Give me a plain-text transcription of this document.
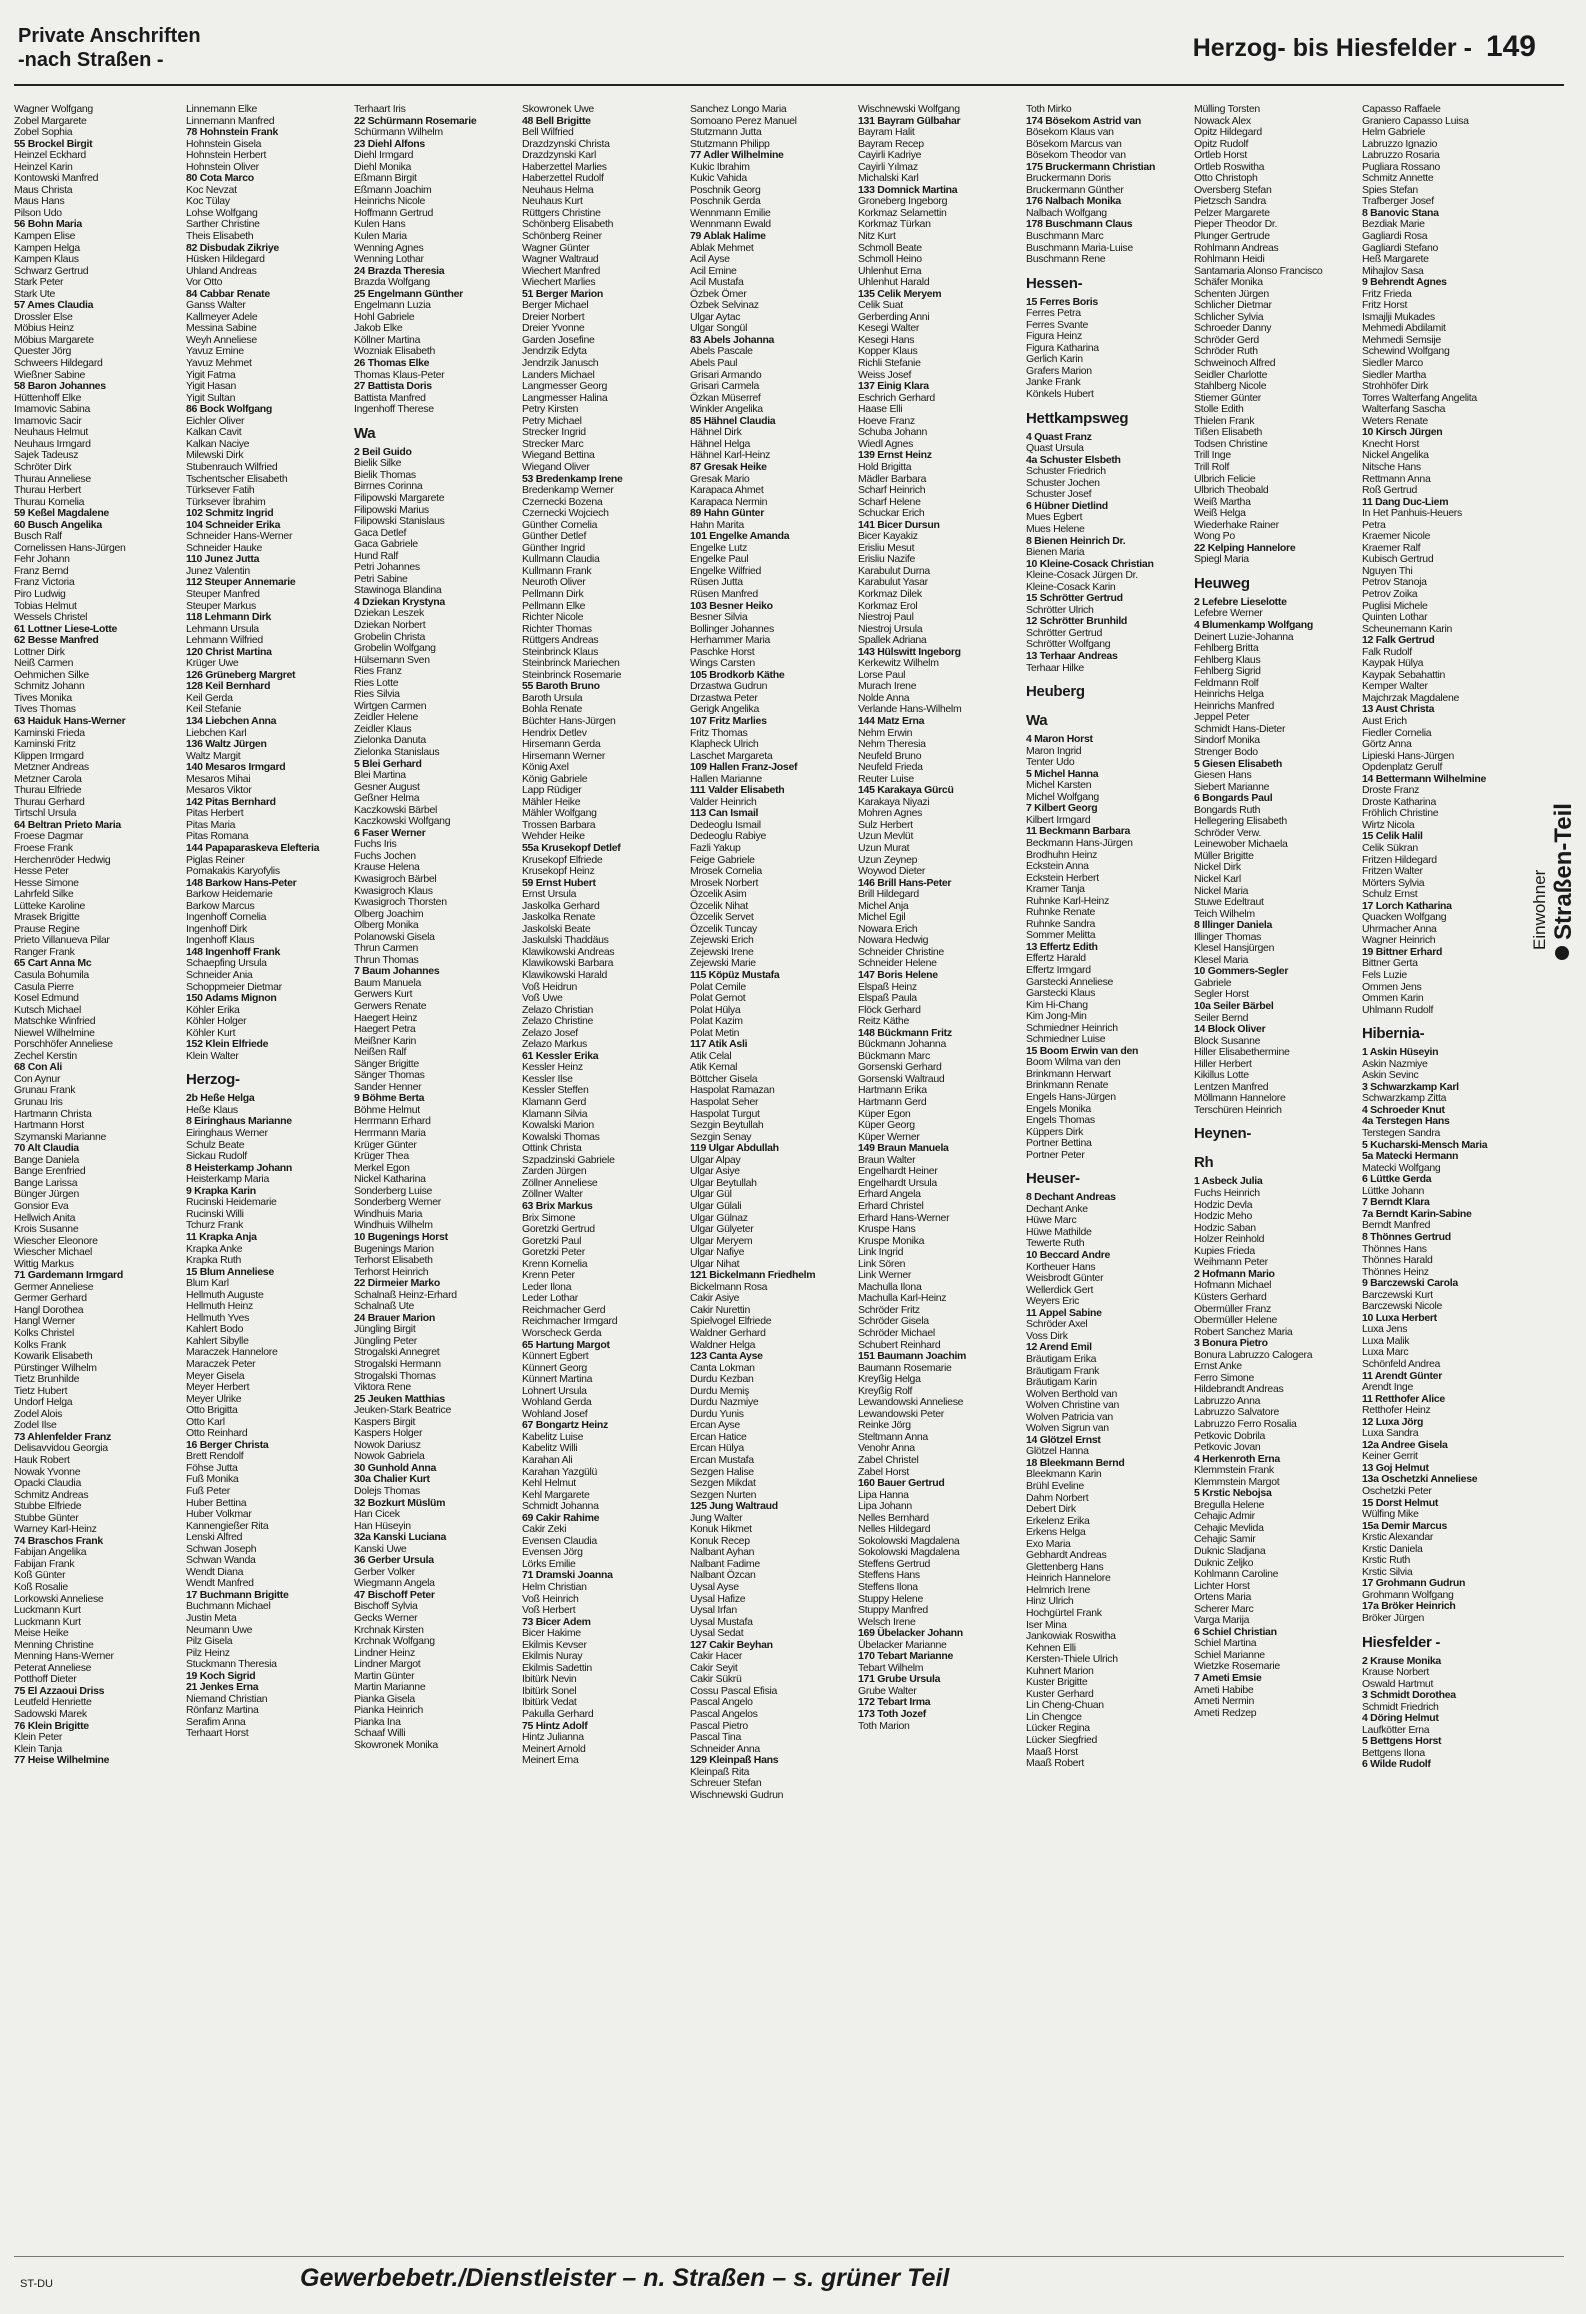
Private Anschriften
-nach Straßen -	Herzog- bis Hiesfelder - 149
Wagner Wolfgang
Zobel Margarete
Zobel Sophia
55 Brockel Birgit
Heinzel Eckhard
Heinzel Karin
Kontowski Manfred
Maus Christa
Maus Hans
Pilson Udo
56 Bohn Maria
Kampen Elise
Kampen Helga
Kampen Klaus
Schwarz Gertrud
Stark Peter
Stark Ute
57 Ames Claudia
Drossler Else
Möbius Heinz
Möbius Margarete
Quester Jörg
Schweers Hildegard
Wießner Sabine
58 Baron Johannes
Hüttenhoff Elke
Imamovic Sabina
Imamovic Sacir
Neuhaus Helmut
Neuhaus Irmgard
Sajek Tadeusz
Schröter Dirk
Thurau Anneliese
Thurau Herbert
Thurau Kornelia
59 Keßel Magdalene
60 Busch Angelika
Busch Ralf
Cornelissen Hans-Jürgen
Fehr Johann
Franz Bernd
Franz Victoria
Piro Ludwig
Tobias Helmut
Wessels Christel
61 Lottner Liese-Lotte
62 Besse Manfred
Lottner Dirk
Neiß Carmen
Oehmichen Silke
Schmitz Johann
Tives Monika
Tives Thomas
63 Haiduk Hans-Werner
Kaminski Frieda
Kaminski Fritz
Klippen Irmgard
Metzner Andreas
Metzner Carola
Thurau Elfriede
Thurau Gerhard
Tirtschl Ursula
64 Beltran Prieto Maria
Froese Dagmar
Froese Frank
Herchenröder Hedwig
Hesse Peter
Hesse Simone
Lahrfeld Silke
Lütteke Karoline
Mrasek Brigitte
Prause Regine
Prieto Villanueva Pilar
Ranger Frank
65 Cart Anna Mc
Casula Bohumila
Casula Pierre
Kosel Edmund
Kutsch Michael
Matschke Winfried
Niewel Wilhelmine
Porschhöfer Anneliese
Zechel Kerstin
68 Con Ali
Con Aynur
Grunau Frank
Grunau Iris
Hartmann Christa
Hartmann Horst
Szymanski Marianne
70 Alt Claudia
Bange Daniela
Bange Erenfried
Bange Larissa
Bünger Jürgen
Gonsior Eva
Hellwich Anita
Krois Susanne
Wiescher Eleonore
Wiescher Michael
Wittig Markus
71 Gardemann Irmgard
Germer Anneliese
Germer Gerhard
Hangl Dorothea
Hangl Werner
Kolks Christel
Kolks Frank
Kowarik Elisabeth
Pürstinger Wilhelm
Tietz Brunhilde
Tietz Hubert
Undorf Helga
Zodel Alois
Zodel Ilse
73 Ahlenfelder Franz
Delisavvidou Georgia
Hauk Robert
Nowak Yvonne
Opacki Claudia
Schmitz Andreas
Stubbe Elfriede
Stubbe Günter
Warney Karl-Heinz
74 Braschos Frank
Fabijan Angelika
Fabijan Frank
Koß Günter
Koß Rosalie
Lorkowski Anneliese
Luckmann Kurt
Luckmann Kurt
Meise Heike
Menning Christine
Menning Hans-Werner
Peterat Anneliese
Potthoff Dieter
75 El Azzaoui Driss
Leutfeld Henriette
Sadowski Marek
76 Klein Brigitte
Klein Peter
Klein Tanja
77 Heise Wilhelmine
Linnemann Elke
Linnemann Manfred
78 Hohnstein Frank
Hohnstein Gisela
Hohnstein Herbert
Hohnstein Oliver
80 Cota Marco
Koc Nevzat
Koc Tülay
Lohse Wolfgang
Sarther Christine
Theis Elisabeth
82 Disbudak Zikriye
Hüsken Hildegard
Uhland Andreas
Vor Otto
84 Cabbar Renate
Ganss Walter
Kallmeyer Adele
Messina Sabine
Weyh Anneliese
Yavuz Emine
Yavuz Mehmet
Yigit Fatma
Yigit Hasan
Yigit Sultan
86 Bock Wolfgang
Eichler Oliver
Kalkan Cavit
Kalkan Naciye
Milewski Dirk
Stubenrauch Wilfried
Tschentscher Elisabeth
Türksever Fatih
Türksever İbrahim
102 Schmitz Ingrid
104 Schneider Erika
Schneider Hans-Werner
Schneider Hauke
110 Junez Jutta
Junez Valentin
112 Steuper Annemarie
Steuper Manfred
Steuper Markus
118 Lehmann Dirk
Lehmann Ursula
Lehmann Wilfried
120 Christ Martina
Krüger Uwe
126 Grüneberg Margret
128 Keil Bernhard
Keil Gerda
Keil Stefanie
134 Liebchen Anna
Liebchen Karl
136 Waltz Jürgen
Waltz Margit
140 Mesaros Irmgard
Mesaros Mihai
Mesaros Viktor
142 Pitas Bernhard
Pitas Herbert
Pitas Maria
Pitas Romana
144 Papaparaskeva Elefteria
Piglas Reiner
Pomakakis Karyofylis
148 Barkow Hans-Peter
Barkow Heidemarie
Barkow Marcus
Ingenhoff Cornelia
Ingenhoff Dirk
Ingenhoff Klaus
148 Ingenhoff Frank
Schaepfing Ursula
Schneider Ania
Schoppmeier Dietmar
150 Adams Mignon
Köhler Erika
Köhler Holger
Köhler Kurt
152 Klein Elfriede
Klein Walter
Herzog-
2b Heße Helga
Heße Klaus
8 Eiringhaus Marianne
Eiringhaus Werner
Schulz Beate
Sickau Rudolf
8 Heisterkamp Johann
Heisterkamp Maria
9 Krapka Karin
Rucinski Heidemarie
Rucinski Willi
Tchurz Frank
11 Krapka Anja
Krapka Anke
Krapka Ruth
15 Blum Anneliese
Blum Karl
Hellmuth Auguste
Hellmuth Heinz
Hellmuth Yves
Kahlert Bodo
Kahlert Sibylle
Maraczek Hannelore
Maraczek Peter
Meyer Gisela
Meyer Herbert
Meyer Ulrike
Otto Brigitta
Otto Karl
Otto Reinhard
16 Berger Christa
Brett Rendolf
Föhse Jutta
Fuß Monika
Fuß Peter
Huber Bettina
Huber Volkmar
Kannengießer Rita
Lenski Alfred
Schwan Joseph
Schwan Wanda
Wendt Diana
Wendt Manfred
17 Buchmann Brigitte
Buchmann Michael
Justin Meta
Neumann Uwe
Pilz Gisela
Pilz Heinz
Stuckmann Theresia
19 Koch Sigrid
21 Jenkes Erna
Niemand Christian
Rönfanz Martina
Serafim Anna
Terhaart Horst
Terhaart Iris
22 Schürmann Rosemarie
Schürmann Wilhelm
23 Diehl Alfons
Diehl Irmgard
Diehl Monika
Eßmann Birgit
Eßmann Joachim
Heinrichs Nicole
Hoffmann Gertrud
Kulen Hans
Kulen Maria
Wenning Agnes
Wenning Lothar
24 Brazda Theresia
Brazda Wolfgang
25 Engelmann Günther
Engelmann Luzia
Hohl Gabriele
Jakob Elke
Köllner Martina
Wozniak Elisabeth
26 Thomas Elke
Thomas Klaus-Peter
27 Battista Doris
Battista Manfred
Ingenhoff Therese
Wa
2 Beil Guido
Bielik Silke
Bielik Thomas
Birrnes Corinna
Filipowski Margarete
Filipowski Marius
Filipowski Stanislaus
Gaca Detlef
Gaca Gabriele
Hund Ralf
Petri Johannes
Petri Sabine
Stawinoga Blandina
4 Dziekan Krystyna
Dziekan Leszek
Dziekan Norbert
Grobelin Christa
Grobelin Wolfgang
Hülsemann Sven
Ries Franz
Ries Lotte
Ries Silvia
Wirtgen Carmen
Zeidler Helene
Zeidler Klaus
Zielonka Danuta
Zielonka Stanislaus
5 Blei Gerhard
Blei Martina
Gesner August
Geßner Helma
Kaczkowski Bärbel
Kaczkowski Wolfgang
6 Faser Werner
Fuchs Iris
Fuchs Jochen
Krause Helena
Kwasigroch Bärbel
Kwasigroch Klaus
Kwasigroch Thorsten
Olberg Joachim
Olberg Monika
Polanowski Gisela
Thrun Carmen
Thrun Thomas
7 Baum Johannes
Baum Manuela
Gerwers Kurt
Gerwers Renate
Haegert Heinz
Haegert Petra
Meißner Karin
Neißen Ralf
Sänger Brigitte
Sänger Thomas
Sander Henner
9 Böhme Berta
Böhme Helmut
Herrmann Erhard
Herrmann Maria
Krüger Günter
Krüger Thea
Merkel Egon
Nickel Katharina
Sonderberg Luise
Sonderberg Werner
Windhuis Maria
Windhuis Wilhelm
10 Bugenings Horst
Bugenings Marion
Terhorst Elisabeth
Terhorst Heinrich
22 Dirmeier Marko
Schalnaß Heinz-Erhard
Schalnaß Ute
24 Brauer Marion
Jüngling Birgit
Jüngling Peter
Strogalski Annegret
Strogalski Hermann
Strogalski Thomas
Viktora Rene
25 Jeuken Matthias
Jeuken-Stark Beatrice
Kaspers Birgit
Kaspers Holger
Nowok Dariusz
Nowok Gabriela
30 Gunhold Anna
30a Chalier Kurt
Dolejs Thomas
32 Bozkurt Müslüm
Han Cicek
Han Hüseyin
32a Kanski Luciana
Kanski Uwe
36 Gerber Ursula
Gerber Volker
Wiegmann Angela
47 Bischoff Peter
Bischoff Sylvia
Gecks Werner
Krchnak Kirsten
Krchnak Wolfgang
Lindner Heinz
Lindner Margot
Martin Günter
Martin Marianne
Pianka Gisela
Pianka Heinrich
Pianka Ina
Schaaf Willi
Skowronek Monika
Skowronek Uwe
48 Bell Brigitte
Bell Wilfried
Drazdzynski Christa
Drazdzynski Karl
Haberzettel Marlies
Haberzettel Rudolf
Neuhaus Helma
Neuhaus Kurt
Rüttgers Christine
Schönberg Elisabeth
Schönberg Reiner
Wagner Günter
Wagner Waltraud
Wiechert Manfred
Wiechert Marlies
51 Berger Marion
Berger Michael
Dreier Norbert
Dreier Yvonne
Garden Josefine
Jendrzik Edyta
Jendrzik Janusch
Landers Michael
Langmesser Georg
Langmesser Halina
Petry Kirsten
Petry Michael
Strecker Ingrid
Strecker Marc
Wiegand Bettina
Wiegand Oliver
53 Bredenkamp Irene
Bredenkamp Werner
Czernecki Bozena
Czernecki Wojciech
Günther Cornelia
Günther Detlef
Günther Ingrid
Kullmann Claudia
Kullmann Frank
Neuroth Oliver
Pellmann Dirk
Pellmann Elke
Richter Nicole
Richter Thomas
Rüttgers Andreas
Steinbrinck Klaus
Steinbrinck Mariechen
Steinbrinck Rosemarie
55 Baroth Bruno
Baroth Ursula
Bohla Renate
Büchter Hans-Jürgen
Hendrix Detlev
Hirsemann Gerda
Hirsemann Werner
König Axel
König Gabriele
Lapp Rüdiger
Mähler Heike
Mähler Wolfgang
Trossen Barbara
Wehder Heike
55a Krusekopf Detlef
Krusekopf Elfriede
Krusekopf Heinz
59 Ernst Hubert
Ernst Ursula
Jaskolka Gerhard
Jaskolka Renate
Jaskolski Beate
Jaskulski Thaddäus
Klawikowski Andreas
Klawikowski Barbara
Klawikowski Harald
Voß Heidrun
Voß Uwe
Zelazo Christian
Zelazo Christine
Zelazo Josef
Zelazo Markus
61 Kessler Erika
Kessler Heinz
Kessler Ilse
Kessler Steffen
Klamann Gerd
Klamann Silvia
Kowalski Marion
Kowalski Thomas
Ottink Christa
Szpadzinski Gabriele
Zarden Jürgen
Zöllner Anneliese
Zöllner Walter
63 Brix Markus
Brix Simone
Goretzki Gertrud
Goretzki Paul
Goretzki Peter
Krenn Kornelia
Krenn Peter
Leder Ilona
Leder Lothar
Reichmacher Gerd
Reichmacher Irmgard
Worscheck Gerda
65 Hartung Margot
Künnert Egbert
Künnert Georg
Künnert Martina
Lohnert Ursula
Wohland Gerda
Wohland Josef
67 Bongartz Heinz
Kabelitz Luise
Kabelitz Willi
Karahan Ali
Karahan Yazgülü
Kehl Helmut
Kehl Margarete
Schmidt Johanna
69 Cakir Rahime
Cakir Zeki
Evensen Claudia
Evensen Jörg
Lörks Emilie
71 Dramski Joanna
Helm Christian
Voß Heinrich
Voß Herbert
73 Bicer Adem
Bicer Hakime
Ekilmis Kevser
Ekilmis Nuray
Ekilmis Sadettin
Ibitürk Nevin
Ibitürk Sonel
Ibitürk Vedat
Pakulla Gerhard
75 Hintz Adolf
Hintz Julianna
Meinert Arnold
Meinert Erna
Sanchez Longo Maria
Somoano Perez Manuel
Stutzmann Jutta
Stutzmann Philipp
77 Adler Wilhelmine
Kukic Ibrahim
Kukic Vahida
Poschnik Georg
Poschnik Gerda
Wennmann Emilie
Wennmann Ewald
79 Ablak Halime
Ablak Mehmet
Acil Ayse
Acil Emine
Acil Mustafa
Özbek Ömer
Özbek Selvinaz
Ulgar Aytac
Ulgar Songül
83 Abels Johanna
Abels Pascale
Abels Paul
Grisari Armando
Grisari Carmela
Özkan Müserref
Winkler Angelika
85 Hähnel Claudia
Hähnel Dirk
Hähnel Helga
Hähnel Karl-Heinz
87 Gresak Heike
Gresak Mario
Karapaca Ahmet
Karapaca Nermin
89 Hahn Günter
Hahn Marita
101 Engelke Amanda
Engelke Lutz
Engelke Paul
Engelke Wilfried
Rüsen Jutta
Rüsen Manfred
103 Besner Heiko
Besner Silvia
Bollinger Johannes
Herhammer Maria
Paschke Horst
Wings Carsten
105 Brodkorb Käthe
Drzastwa Gudrun
Drzastwa Peter
Gerigk Angelika
107 Fritz Marlies
Fritz Thomas
Klapheck Ulrich
Laschet Margareta
109 Hallen Franz-Josef
Hallen Marianne
111 Valder Elisabeth
Valder Heinrich
113 Can Ismail
Dedeoglu Ismail
Dedeoglu Rabiye
Fazli Yakup
Feige Gabriele
Mrosek Cornelia
Mrosek Norbert
Özcelik Asim
Özcelik Nihat
Özcelik Servet
Özcelik Tuncay
Zejewski Erich
Zejewski Irene
Zejewski Marie
115 Köpüz Mustafa
Polat Cemile
Polat Gernot
Polat Hülya
Polat Kazim
Polat Metin
117 Atik Asli
Atik Celal
Atik Kemal
Böttcher Gisela
Haspolat Ramazan
Haspolat Seher
Haspolat Turgut
Sezgin Beytullah
Sezgin Senay
119 Ulgar Abdullah
Ulgar Alpay
Ulgar Asiye
Ulgar Beytullah
Ulgar Gül
Ulgar Gülali
Ulgar Gülnaz
Ulgar Gülyeter
Ulgar Meryem
Ulgar Nafiye
Ulgar Nihat
121 Bickelmann Friedhelm
Bickelmann Rosa
Cakir Asiye
Cakir Nurettin
Spielvogel Elfriede
Waldner Gerhard
Waldner Helga
123 Canta Ayse
Canta Lokman
Durdu Kezban
Durdu Memiş
Durdu Nazmiye
Durdu Yunis
Ercan Ayse
Ercan Hatice
Ercan Hülya
Ercan Mustafa
Sezgen Halise
Sezgen Mikdat
Sezgen Nurten
125 Jung Waltraud
Jung Walter
Konuk Hikmet
Konuk Recep
Nalbant Ayhan
Nalbant Fadime
Nalbant Özcan
Uysal Ayse
Uysal Hafize
Uysal Irfan
Uysal Mustafa
Uysal Sedat
127 Cakir Beyhan
Cakir Hacer
Cakir Seyit
Cakir Sükrü
Cossu Pascal Efisia
Pascal Angelo
Pascal Angelos
Pascal Pietro
Pascal Tina
Schneider Anna
129 Kleinpaß Hans
Kleinpaß Rita
Schreuer Stefan
Wischnewski Gudrun
Wischnewski Wolfgang
131 Bayram Gülbahar
Bayram Halit
Bayram Recep
Cayirli Kadriye
Cayirli Yılmaz
Michalski Karl
133 Domnick Martina
Groneberg Ingeborg
Korkmaz Selamettin
Korkmaz Türkan
Nitz Kurt
Schmoll Beate
Schmoll Heino
Uhlenhut Erna
Uhlenhut Harald
135 Celik Meryem
Celik Suat
Gerberding Anni
Kesegi Walter
Kesegi Hans
Kopper Klaus
Richli Stefanie
Weiss Josef
137 Einig Klara
Eschrich Gerhard
Haase Elli
Hoeve Franz
Schuba Johann
Wiedl Agnes
139 Ernst Heinz
Hold Brigitta
Mädler Barbara
Scharf Heinrich
Scharf Helene
Schuckar Erich
141 Bicer Dursun
Bicer Kayakiz
Erisliu Mesut
Erisliu Nazife
Karabulut Durna
Karabulut Yasar
Korkmaz Dilek
Korkmaz Erol
Niestroj Paul
Niestroj Ursula
Spallek Adriana
143 Hülswitt Ingeborg
Kerkewitz Wilhelm
Lorse Paul
Murach Irene
Nolde Anna
Verlande Hans-Wilhelm
144 Matz Erna
Nehm Erwin
Nehm Theresia
Neufeld Bruno
Neufeld Frieda
Reuter Luise
145 Karakaya Gürcü
Karakaya Niyazi
Mohren Agnes
Sulz Herbert
Uzun Mevlüt
Uzun Murat
Uzun Zeynep
Woywod Dieter
146 Brill Hans-Peter
Brill Hildegard
Michel Anja
Michel Egil
Nowara Erich
Nowara Hedwig
Schneider Christine
Schneider Helene
147 Boris Helene
Elspaß Heinz
Elspaß Paula
Flöck Gerhard
Reitz Käthe
148 Bückmann Fritz
Bückmann Johanna
Bückmann Marc
Gorsenski Gerhard
Gorsenski Waltraud
Hartmann Erika
Hartmann Gerd
Küper Egon
Küper Georg
Küper Werner
149 Braun Manuela
Braun Walter
Engelhardt Heiner
Engelhardt Ursula
Erhard Angela
Erhard Christel
Erhard Hans-Werner
Kruspe Hans
Kruspe Monika
Link Ingrid
Link Sören
Link Werner
Machulla Ilona
Machulla Karl-Heinz
Schröder Fritz
Schröder Gisela
Schröder Michael
Schubert Reinhard
151 Baumann Joachim
Baumann Rosemarie
Kreyßig Helga
Kreyßig Rolf
Lewandowski Anneliese
Lewandowski Peter
Reinke Jörg
Steltmann Anna
Venohr Anna
Zabel Christel
Zabel Horst
160 Bauer Gertrud
Lipa Hanna
Lipa Johann
Nelles Bernhard
Nelles Hildegard
Sokolowski Magdalena
Sokolowski Magdalena
Steffens Gertrud
Steffens Hans
Steffens Ilona
Stuppy Helene
Stuppy Manfred
Welsch Irene
169 Übelacker Johann
Übelacker Marianne
170 Tebart Marianne
Tebart Wilhelm
171 Grube Ursula
Grube Walter
172 Tebart Irma
173 Toth Jozef
Toth Marion
Toth Mirko
174 Bösekom Astrid van
Bösekom Klaus van
Bösekom Marcus van
Bösekom Theodor van
175 Bruckermann Christian
Bruckermann Doris
Bruckermann Günther
176 Nalbach Monika
Nalbach Wolfgang
178 Buschmann Claus
Buschmann Marc
Buschmann Maria-Luise
Buschmann Rene
Hessen-
15 Ferres Boris
Ferres Petra
Ferres Svante
Figura Heinz
Figura Katharina
Gerlich Karin
Grafers Marion
Janke Frank
Könkels Hubert
Hettkampsweg
4 Quast Franz
Quast Ursula
4a Schuster Elsbeth
Schuster Friedrich
Schuster Jochen
Schuster Josef
6 Hübner Dietlind
Mues Egbert
Mues Helene
8 Bienen Heinrich Dr.
Bienen Maria
10 Kleine-Cosack Christian
Kleine-Cosack Jürgen Dr.
Kleine-Cosack Karin
15 Schrötter Gertrud
Schrötter Ulrich
12 Schrötter Brunhild
Schrötter Gertrud
Schrötter Wolfgang
13 Terhaar Andreas
Terhaar Hilke
Heuberg
Wa
4 Maron Horst
Maron Ingrid
Tenter Udo
5 Michel Hanna
Michel Karsten
Michel Wolfgang
7 Kilbert Georg
Kilbert Irmgard
11 Beckmann Barbara
Beckmann Hans-Jürgen
Brodhuhn Heinz
Eckstein Anna
Eckstein Herbert
Kramer Tanja
Ruhnke Karl-Heinz
Ruhnke Renate
Ruhnke Sandra
Sommer Melitta
13 Effertz Edith
Effertz Harald
Effertz Irmgard
Garstecki Anneliese
Garstecki Klaus
Kim Hi-Chang
Kim Jong-Min
Schmiedner Heinrich
Schmiedner Luise
15 Boom Erwin van den
Boom Wilma van den
Brinkmann Herwart
Brinkmann Renate
Engels Hans-Jürgen
Engels Monika
Engels Thomas
Küppers Dirk
Portner Bettina
Portner Peter
Heuser-
8 Dechant Andreas
Dechant Anke
Hüwe Marc
Hüwe Mathilde
Tewerte Ruth
10 Beccard Andre
Kortheuer Hans
Weisbrodt Günter
Wellerdick Gert
Weyers Eric
11 Appel Sabine
Schröder Axel
Voss Dirk
12 Arend Emil
Bräutigam Erika
Bräutigam Frank
Bräutigam Karin
Wolven Berthold van
Wolven Christine van
Wolven Patricia van
Wolven Sigrun van
14 Glötzel Ernst
Glötzel Hanna
18 Bleekmann Bernd
Bleekmann Karin
Brühl Eveline
Dahm Norbert
Debert Dirk
Erkelenz Erika
Erkens Helga
Exo Maria
Gebhardt Andreas
Glettenberg Hans
Heinrich Hannelore
Helmrich Irene
Hinz Ulrich
Hochgürtel Frank
Iser Mina
Jankowiak Roswitha
Kehnen Elli
Kersten-Thiele Ulrich
Kuhnert Marion
Kuster Brigitte
Kuster Gerhard
Lin Cheng-Chuan
Lin Chengce
Lücker Regina
Lücker Siegfried
Maaß Horst
Maaß Robert
Mülling Torsten
Nowack Alex
Opitz Hildegard
Opitz Rudolf
Ortleb Horst
Ortleb Roswitha
Otto Christoph
Oversberg Stefan
Pietzsch Sandra
Pelzer Margarete
Pieper Theodor Dr.
Plunger Gertrude
Rohlmann Andreas
Rohlmann Heidi
Santamaria Alonso Francisco
Schäfer Monika
Schenten Jürgen
Schlicher Dietmar
Schlicher Sylvia
Schroeder Danny
Schröder Gerd
Schröder Ruth
Schweinoch Alfred
Seidler Charlotte
Stahlberg Nicole
Stiemer Günter
Stolle Edith
Thielen Frank
Tißen Elisabeth
Todsen Christine
Trill Inge
Trill Rolf
Ulbrich Felicie
Ulbrich Theobald
Weiß Martha
Weiß Helga
Wiederhake Rainer
Wong Po
22 Kelping Hannelore
Spiegl Maria
Heuweg
2 Lefebre Lieselotte
Lefebre Werner
4 Blumenkamp Wolfgang
Deinert Luzie-Johanna
Fehlberg Britta
Fehlberg Klaus
Fehlberg Sigrid
Feldmann Rolf
Heinrichs Helga
Heinrichs Manfred
Jeppel Peter
Schmidt Hans-Dieter
Sindorf Monika
Strenger Bodo
5 Giesen Elisabeth
Giesen Hans
Siebert Marianne
6 Bongards Paul
Bongards Ruth
Hellegering Elisabeth
Schröder Verw.
Leinewober Michaela
Müller Brigitte
Nickel Dirk
Nickel Karl
Nickel Maria
Stuwe Edeltraut
Teich Wilhelm
8 Illinger Daniela
Illinger Thomas
Klesel Hansjürgen
Klesel Maria
10 Gommers-Segler
Gabriele
Segler Horst
10a Seiler Bärbel
Seiler Bernd
14 Block Oliver
Block Susanne
Hiller Elisabethermine
Hiller Herbert
Kikillus Lotte
Lentzen Manfred
Möllmann Hannelore
Terschüren Heinrich
Heynen-
Rh
1 Asbeck Julia
Fuchs Heinrich
Hodzic Devla
Hodzic Meho
Hodzic Saban
Holzer Reinhold
Kupies Frieda
Weihmann Peter
2 Hofmann Mario
Hofmann Michael
Küsters Gerhard
Obermüller Franz
Obermüller Helene
Robert Sanchez Maria
3 Bonura Pietro
Bonura Labruzzo Calogera
Ernst Anke
Ferro Simone
Hildebrandt Andreas
Labruzzo Anna
Labruzzo Salvatore
Labruzzo Ferro Rosalia
Petkovic Dobrila
Petkovic Jovan
4 Herkenroth Erna
Klemmstein Frank
Klemmstein Margot
5 Krstic Nebojsa
Bregulla Helene
Cehajic Admir
Cehajic Mevlida
Cehajic Samir
Duknic Sladjana
Duknic Zeljko
Kohlmann Caroline
Lichter Horst
Ortens Maria
Scherer Marc
Varga Marija
6 Schiel Christian
Schiel Martina
Schiel Marianne
Wietzke Rosemarie
7 Ameti Emsie
Ameti Habibe
Ameti Nermin
Ameti Redzep
Capasso Raffaele
Graniero Capasso Luisa
Helm Gabriele
Labruzzo Ignazio
Labruzzo Rosaria
Pugliara Rossano
Schmitz Annette
Spies Stefan
Trafberger Josef
8 Banovic Stana
Bezdiak Marie
Gagliardi Rosa
Gagliardi Stefano
Heß Margarete
Mihajlov Sasa
9 Behrendt Agnes
Fritz Frieda
Fritz Horst
Ismajlji Mukades
Mehmedi Abdilamit
Mehmedi Semsije
Schewind Wolfgang
Siedler Marco
Siedler Martha
Strohhöfer Dirk
Torres Walterfang Angelita
Walterfang Sascha
Weters Renate
10 Kirsch Jürgen
Knecht Horst
Nickel Angelika
Nitsche Hans
Rettmann Anna
Roß Gertrud
11 Dang Duc-Liem
In Het Panhuis-Heuers
Petra
Kraemer Nicole
Kraemer Ralf
Kubisch Gertrud
Nguyen Thi
Petrov Stanoja
Petrov Zoika
Puglisi Michele
Quinten Lothar
Scheunemann Karin
12 Falk Gertrud
Falk Rudolf
Kaypak Hülya
Kaypak Sebahattin
Kemper Walter
Majchrzak Magdalene
13 Aust Christa
Aust Erich
Fiedler Cornelia
Görtz Anna
Lipieski Hans-Jürgen
Opdenplatz Gerulf
14 Bettermann Wilhelmine
Droste Franz
Droste Katharina
Fröhlich Christine
Wirtz Nicola
15 Celik Halil
Celik Sükran
Fritzen Hildegard
Fritzen Walter
Mörters Sylvia
Schulz Ernst
17 Lorch Katharina
Quacken Wolfgang
Uhrmacher Anna
Wagner Heinrich
19 Bittner Erhard
Bittner Gerta
Fels Luzie
Ommen Jens
Ommen Karin
Uhlmann Rudolf
Hibernia-
1 Askin Hüseyin
Askin Nazmiye
Askin Sevinc
3 Schwarzkamp Karl
Schwarzkamp Zitta
4 Schroeder Knut
4a Terstegen Hans
Terstegen Sandra
5 Kucharski-Mensch Maria
5a Matecki Hermann
Matecki Wolfgang
6 Lüttke Gerda
Lüttke Johann
7 Berndt Klara
7a Berndt Karin-Sabine
Berndt Manfred
8 Thönnes Gertrud
Thönnes Hans
Thönnes Harald
Thönnes Heinz
9 Barczewski Carola
Barczewski Kurt
Barczewski Nicole
10 Luxa Herbert
Luxa Jens
Luxa Malik
Luxa Marc
Schönfeld Andrea
11 Arendt Günter
Arendt Inge
11 Retthofer Alice
Retthofer Heinz
12 Luxa Jörg
Luxa Sandra
12a Andree Gisela
Keiner Gerrit
13 Goj Helmut
13a Oschetzki Anneliese
Oschetzki Peter
15 Dorst Helmut
Wülfing Mike
15a Demir Marcus
Krstic Alexandar
Krstic Daniela
Krstic Ruth
Krstic Silvia
17 Grohmann Gudrun
Grohmann Wolfgang
17a Bröker Heinrich
Bröker Jürgen
Hiesfelder -
2 Krause Monika
Krause Norbert
Oswald Hartmut
3 Schmidt Dorothea
Schmidt Friedrich
4 Döring Helmut
Laufkötter Erna
5 Bettgens Horst
Bettgens Ilona
6 Wilde Rudolf
Einwohner Straßen-Teil
ST-DU	Gewerbebetr./Dienstleister – n. Straßen – s. grüner Teil
